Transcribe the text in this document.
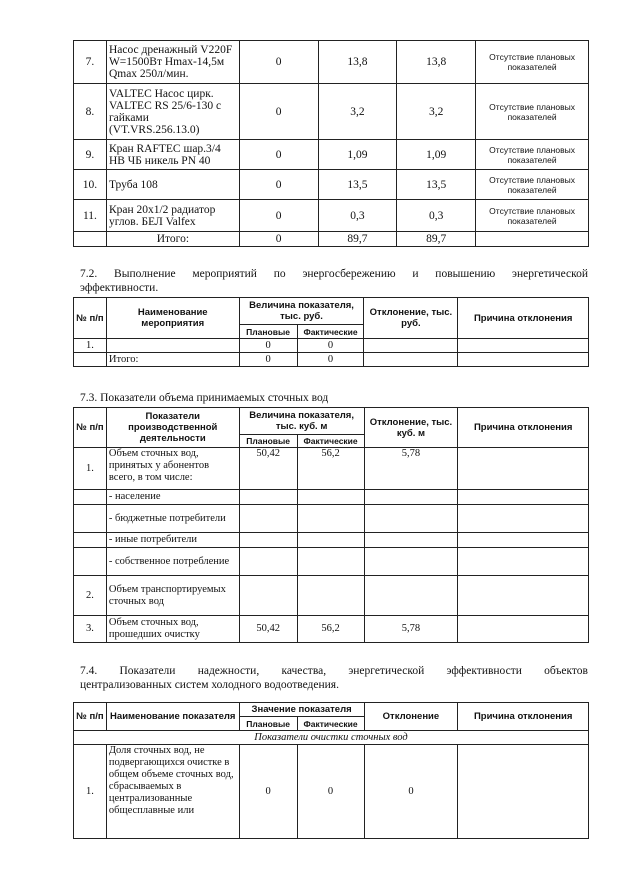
7.	Насос дренажный V220F W=1500Вт Hmax-14,5м Qmax 250л/мин.	0	13,8	13,8	Отсутствие плановых показателей
8.	VALTEC Насос цирк. VALTEC RS 25/6-130 с гайками (VT.VRS.256.13.0)	0	3,2	3,2	Отсутствие плановых показателей
9.	Кран RAFTEC шар.3/4 НВ ЧБ никель PN 40	0	1,09	1,09	Отсутствие плановых показателей
10.	Труба 108	0	13,5	13,5	Отсутствие плановых показателей
11.	Кран 20х1/2 радиатор углов. БЕЛ Valfex	0	0,3	0,3	Отсутствие плановых показателей
	Итого:	0	89,7	89,7	
7.2. Выполнение мероприятий по энергосбережению и повышению энергетической
эффективности.
№ п/п	Наименование мероприятия	Величина показателя, тыс. руб.		Отклонение, тыс. руб.	Причина отклонения
		Плановые	Фактические		
1.		0	0		
	Итого:	0	0		
7.3. Показатели объема принимаемых сточных вод
№ п/п	Показатели производственной деятельности	Величина показателя, тыс. куб. м		Отклонение, тыс. куб. м	Причина отклонения
		Плановые	Фактические		
1.	Объем сточных вод, принятых у абонентов всего, в том числе:	50,42	56,2	5,78	
	- население				
	- бюджетные потребители				
	- иные потребители				
	- собственное потребление				
2.	Объем транспортируемых сточных вод				
3.	Объем сточных вод, прошедших очистку	50,42	56,2	5,78	
7.4. Показатели надежности, качества, энергетической эффективности объектов
централизованных систем холодного водоотведения.
№ п/п	Наименование показателя	Значение показателя		Отклонение	Причина отклонения
		Плановые	Фактические		
Показатели очистки сточных вод					
1.	Доля сточных вод, не подвергающихся очистке в общем объеме сточных вод, сбрасываемых в централизованные общесплавные или	0	0	0	
